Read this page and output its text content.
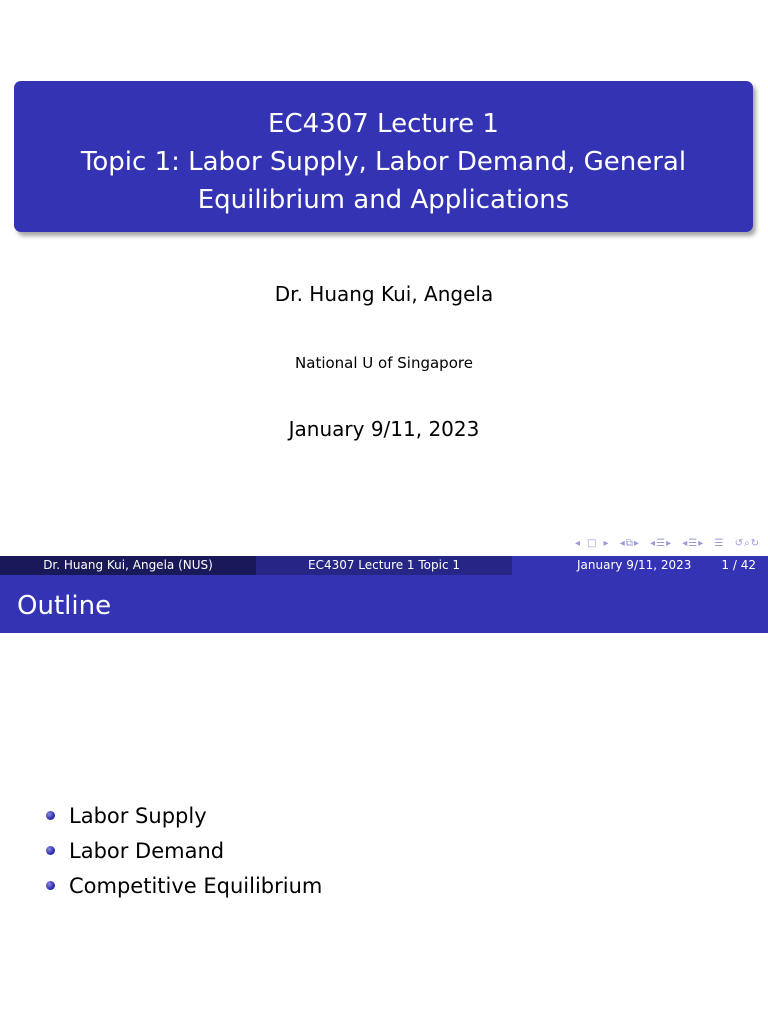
EC4307 Lecture 1
Topic 1: Labor Supply, Labor Demand, General
Equilibrium and Applications
Dr. Huang Kui, Angela
National U of Singapore
January 9/11, 2023
◂ □ ▸ ◂⧉▸ ◂☰▸ ◂☰▸ ☰ ↺⌕↻
Dr. Huang Kui, Angela (NUS)	EC4307 Lecture 1 Topic 1	January 9/11, 2023	1 / 42
Outline
Labor Supply
Labor Demand
Competitive Equilibrium
